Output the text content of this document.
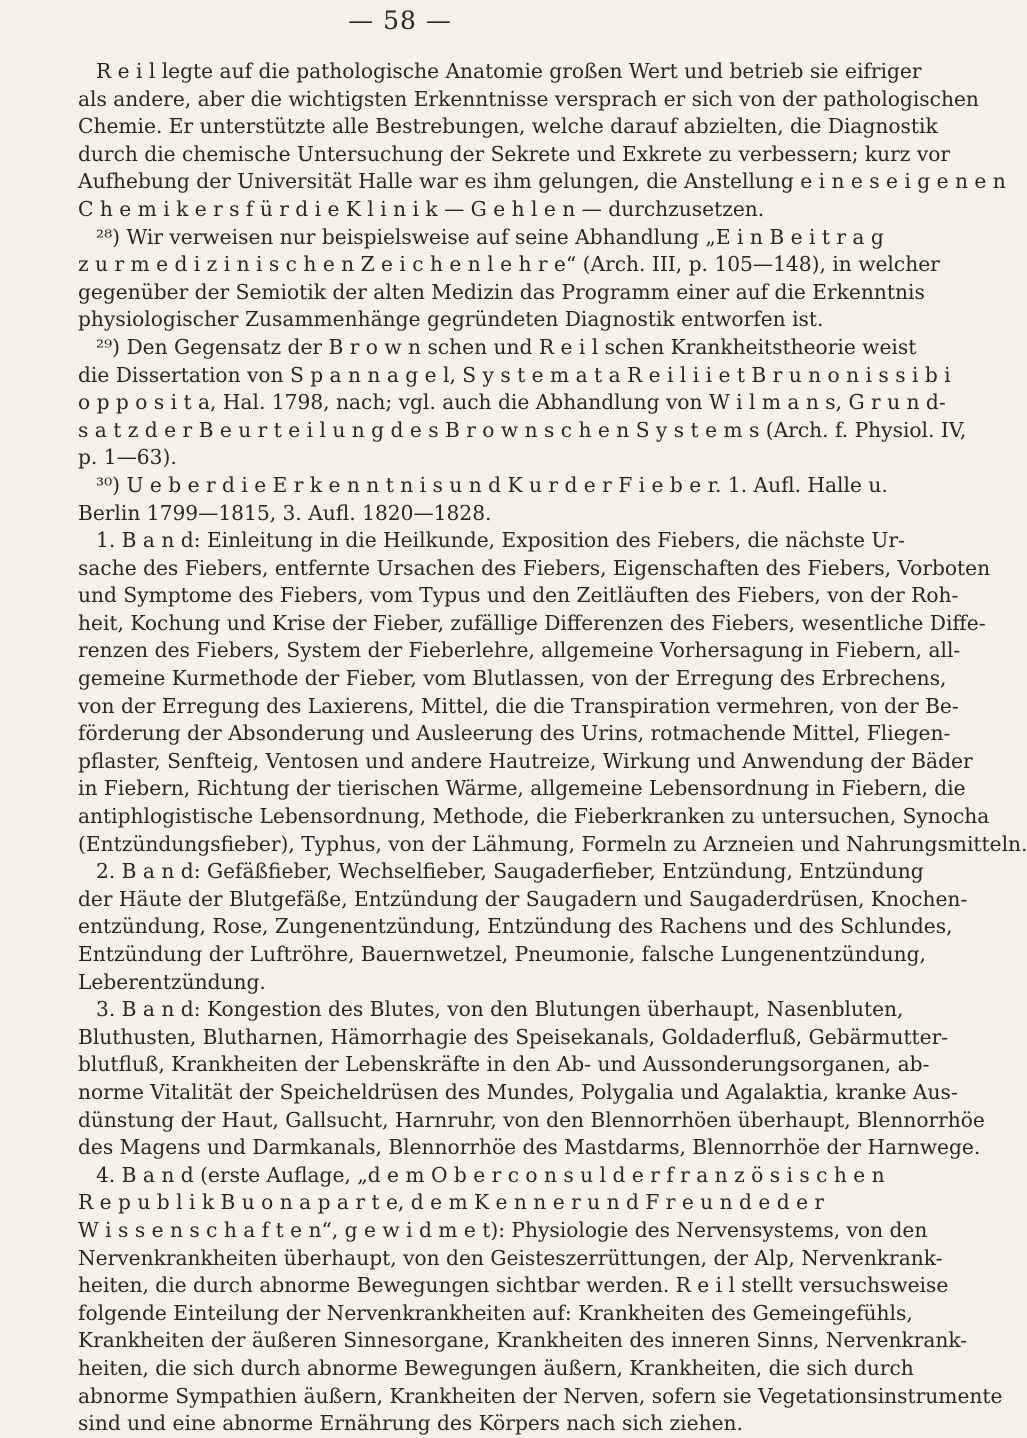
— 58 —
R e i l legte auf die pathologische Anatomie großen Wert und betrieb sie eifriger
als andere, aber die wichtigsten Erkenntnisse versprach er sich von der pathologischen
Chemie. Er unterstützte alle Bestrebungen, welche darauf abzielten, die Diagnostik
durch die chemische Untersuchung der Sekrete und Exkrete zu verbessern; kurz vor
Aufhebung der Universität Halle war es ihm gelungen, die Anstellung e i n e s e i g e n e n
C h e m i k e r s f ü r d i e K l i n i k — G e h l e n — durchzusetzen.
²⁸) Wir verweisen nur beispielsweise auf seine Abhandlung „E i n B e i t r a g
z u r m e d i z i n i s c h e n Z e i c h e n l e h r e“ (Arch. III, p. 105—148), in welcher
gegenüber der Semiotik der alten Medizin das Programm einer auf die Erkenntnis
physiologischer Zusammenhänge gegründeten Diagnostik entworfen ist.
²⁹) Den Gegensatz der B r o w n schen und R e i l schen Krankheitstheorie weist
die Dissertation von S p a n n a g e l, S y s t e m a t a R e i l i i e t B r u n o n i s s i b i
o p p o s i t a, Hal. 1798, nach; vgl. auch die Abhandlung von W i l m a n s, G r u n d-
s a t z d e r B e u r t e i l u n g d e s B r o w n s c h e n S y s t e m s (Arch. f. Physiol. IV,
p. 1—63).
³⁰) U e b e r d i e E r k e n n t n i s u n d K u r d e r F i e b e r. 1. Aufl. Halle u.
Berlin 1799—1815, 3. Aufl. 1820—1828.
1. B a n d: Einleitung in die Heilkunde, Exposition des Fiebers, die nächste Ur-
sache des Fiebers, entfernte Ursachen des Fiebers, Eigenschaften des Fiebers, Vorboten
und Symptome des Fiebers, vom Typus und den Zeitläuften des Fiebers, von der Roh-
heit, Kochung und Krise der Fieber, zufällige Differenzen des Fiebers, wesentliche Diffe-
renzen des Fiebers, System der Fieberlehre, allgemeine Vorhersagung in Fiebern, all-
gemeine Kurmethode der Fieber, vom Blutlassen, von der Erregung des Erbrechens,
von der Erregung des Laxierens, Mittel, die die Transpiration vermehren, von der Be-
förderung der Absonderung und Ausleerung des Urins, rotmachende Mittel, Fliegen-
pflaster, Senfteig, Ventosen und andere Hautreize, Wirkung und Anwendung der Bäder
in Fiebern, Richtung der tierischen Wärme, allgemeine Lebensordnung in Fiebern, die
antiphlogistische Lebensordnung, Methode, die Fieberkranken zu untersuchen, Synocha
(Entzündungsfieber), Typhus, von der Lähmung, Formeln zu Arzneien und Nahrungsmitteln.
2. B a n d: Gefäßfieber, Wechselfieber, Saugaderfieber, Entzündung, Entzündung
der Häute der Blutgefäße, Entzündung der Saugadern und Saugaderdrüsen, Knochen-
entzündung, Rose, Zungenentzündung, Entzündung des Rachens und des Schlundes,
Entzündung der Luftröhre, Bauernwetzel, Pneumonie, falsche Lungenentzündung,
Leberentzündung.
3. B a n d: Kongestion des Blutes, von den Blutungen überhaupt, Nasenbluten,
Bluthusten, Blutharnen, Hämorrhagie des Speisekanals, Goldaderfluß, Gebärmutter-
blutfluß, Krankheiten der Lebenskräfte in den Ab- und Aussonderungsorganen, ab-
norme Vitalität der Speicheldrüsen des Mundes, Polygalia und Agalaktia, kranke Aus-
dünstung der Haut, Gallsucht, Harnruhr, von den Blennorrhöen überhaupt, Blennorrhöe
des Magens und Darmkanals, Blennorrhöe des Mastdarms, Blennorrhöe der Harnwege.
4. B a n d (erste Auflage, „d e m O b e r c o n s u l d e r f r a n z ö s i s c h e n
R e p u b l i k B u o n a p a r t e, d e m K e n n e r u n d F r e u n d e d e r
W i s s e n s c h a f t e n“, g e w i d m e t): Physiologie des Nervensystems, von den
Nervenkrankheiten überhaupt, von den Geisteszerrüttungen, der Alp, Nervenkrank-
heiten, die durch abnorme Bewegungen sichtbar werden. R e i l stellt versuchsweise
folgende Einteilung der Nervenkrankheiten auf: Krankheiten des Gemeingefühls,
Krankheiten der äußeren Sinnesorgane, Krankheiten des inneren Sinns, Nervenkrank-
heiten, die sich durch abnorme Bewegungen äußern, Krankheiten, die sich durch
abnorme Sympathien äußern, Krankheiten der Nerven, sofern sie Vegetationsinstrumente
sind und eine abnorme Ernährung des Körpers nach sich ziehen.
